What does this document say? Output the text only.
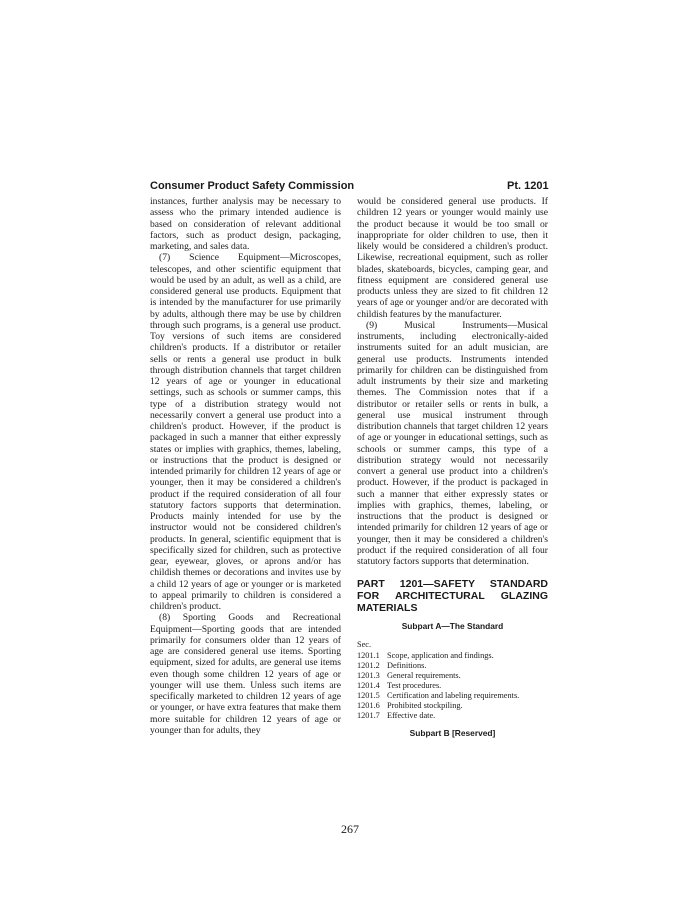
Consumer Product Safety Commission	Pt. 1201

instances, further analysis may be necessary to assess who the primary intended audience is based on consideration of relevant additional factors, such as product design, packaging, marketing, and sales data.

(7) Science Equipment—Microscopes, telescopes, and other scientific equipment that would be used by an adult, as well as a child, are considered general use products. Equipment that is intended by the manufacturer for use primarily by adults, although there may be use by children through such programs, is a general use product. Toy versions of such items are considered children's products. If a distributor or retailer sells or rents a general use product in bulk through distribution channels that target children 12 years of age or younger in educational settings, such as schools or summer camps, this type of a distribution strategy would not necessarily convert a general use product into a children's product. However, if the product is packaged in such a manner that either expressly states or implies with graphics, themes, labeling, or instructions that the product is designed or intended primarily for children 12 years of age or younger, then it may be considered a children's product if the required consideration of all four statutory factors supports that determination. Products mainly intended for use by the instructor would not be considered children's products. In general, scientific equipment that is specifically sized for children, such as protective gear, eyewear, gloves, or aprons and/or has childish themes or decorations and invites use by a child 12 years of age or younger or is marketed to appeal primarily to children is considered a children's product.

(8) Sporting Goods and Recreational Equipment—Sporting goods that are intended primarily for consumers older than 12 years of age are considered general use items. Sporting equipment, sized for adults, are general use items even though some children 12 years of age or younger will use them. Unless such items are specifically marketed to children 12 years of age or younger, or have extra features that make them more suitable for children 12 years of age or younger than for adults, they

would be considered general use products. If children 12 years or younger would mainly use the product because it would be too small or inappropriate for older children to use, then it likely would be considered a children's product. Likewise, recreational equipment, such as roller blades, skateboards, bicycles, camping gear, and fitness equipment are considered general use products unless they are sized to fit children 12 years of age or younger and/or are decorated with childish features by the manufacturer.

(9) Musical Instruments—Musical instruments, including electronically-aided instruments suited for an adult musician, are general use products. Instruments intended primarily for children can be distinguished from adult instruments by their size and marketing themes. The Commission notes that if a distributor or retailer sells or rents in bulk, a general use musical instrument through distribution channels that target children 12 years of age or younger in educational settings, such as schools or summer camps, this type of a distribution strategy would not necessarily convert a general use product into a children's product. However, if the product is packaged in such a manner that either expressly states or implies with graphics, themes, labeling, or instructions that the product is designed or intended primarily for children 12 years of age or younger, then it may be considered a children's product if the required consideration of all four statutory factors supports that determination.

PART 1201—SAFETY STANDARD FOR ARCHITECTURAL GLAZING MATERIALS

Subpart A—The Standard

Sec.

1201.1 Scope, application and findings.
1201.2 Definitions.
1201.3 General requirements.
1201.4 Test procedures.
1201.5 Certification and labeling requirements.
1201.6 Prohibited stockpiling.
1201.7 Effective date.

Subpart B [Reserved]

267
